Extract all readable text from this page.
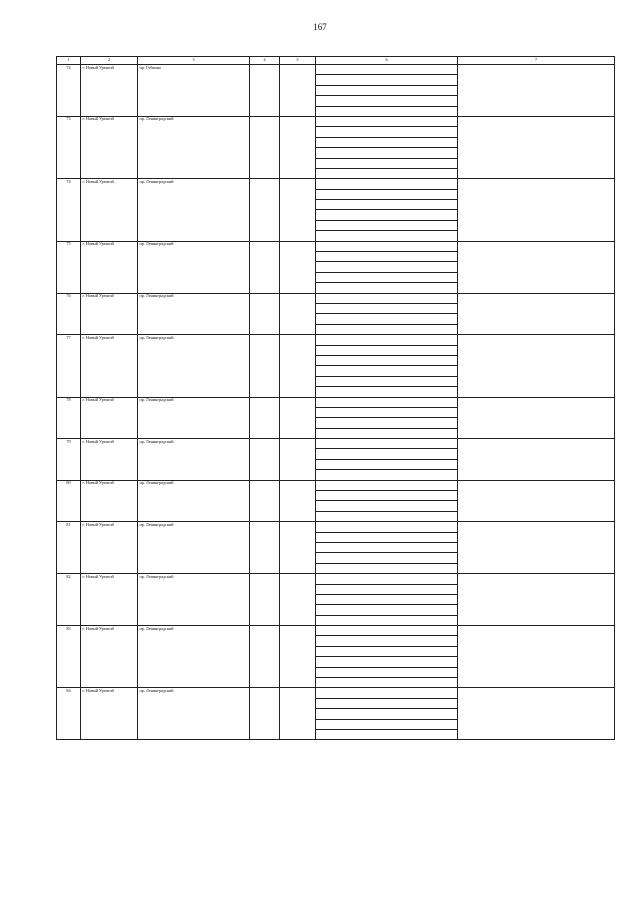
167
1	2	3	4	5	6	7
72	г. Новый Уренгой	пр. Губкина				

73	г. Новый Уренгой	пр. Ленинградский				

74	г. Новый Уренгой	пр. Ленинградский				

75	г. Новый Уренгой	пр. Ленинградский				

76	г. Новый Уренгой	пр. Ленинградский				

77	г. Новый Уренгой	пр. Ленинградский				

78	г. Новый Уренгой	пр. Ленинградский				

79	г. Новый Уренгой	пр. Ленинградский				

80	г. Новый Уренгой	пр. Ленинградский				

81	г. Новый Уренгой	пр. Ленинградский				

82	г. Новый Уренгой	пр. Ленинградский				

83	г. Новый Уренгой	пр. Ленинградский				

84	г. Новый Уренгой	пр. Ленинградский				
